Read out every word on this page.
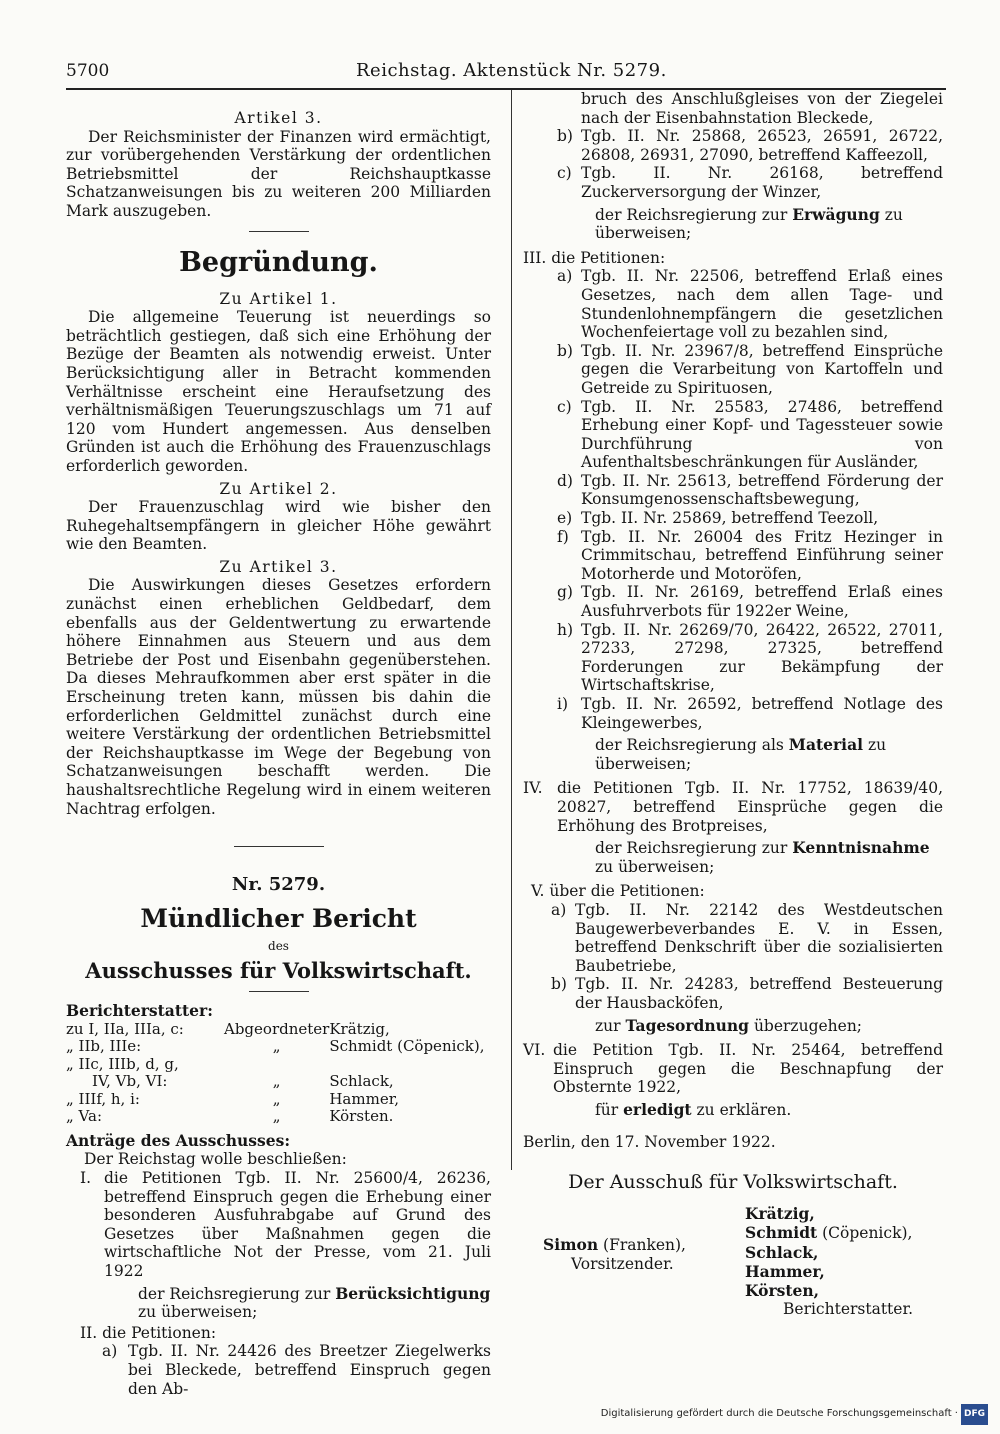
5700	Reichstag. Aktenstück Nr. 5279.
Artikel 3.

Der Reichsminister der Finanzen wird ermächtigt, zur vorübergehenden Verstärkung der ordentlichen Betriebsmittel der Reichshauptkasse Schatzanweisungen bis zu weiteren 200 Milliarden Mark auszugeben.

Begründung.
Zu Artikel 1.

Die allgemeine Teuerung ist neuerdings so beträchtlich gestiegen, daß sich eine Erhöhung der Bezüge der Beamten als notwendig erweist. Unter Berücksichtigung aller in Betracht kommenden Verhältnisse erscheint eine Heraufsetzung des verhältnismäßigen Teuerungszuschlags um 71 auf 120 vom Hundert angemessen. Aus denselben Gründen ist auch die Erhöhung des Frauenzuschlags erforderlich geworden.

Zu Artikel 2.

Der Frauenzuschlag wird wie bisher den Ruhegehaltsempfängern in gleicher Höhe gewährt wie den Beamten.

Zu Artikel 3.

Die Auswirkungen dieses Gesetzes erfordern zunächst einen erheblichen Geldbedarf, dem ebenfalls aus der Geldentwertung zu erwartende höhere Einnahmen aus Steuern und aus dem Betriebe der Post und Eisenbahn gegenüberstehen. Da dieses Mehraufkommen aber erst später in die Erscheinung treten kann, müssen bis dahin die erforderlichen Geldmittel zunächst durch eine weitere Verstärkung der ordentlichen Betriebsmittel der Reichshauptkasse im Wege der Begebung von Schatzanweisungen beschafft werden. Die haushaltsrechtliche Regelung wird in einem weiteren Nachtrag erfolgen.

Nr. 5279.
Mündlicher Bericht
des
Ausschusses für Volkswirtschaft.
Berichterstatter:
zu I, IIa, IIIa, c:	Abgeordneter	Krätzig,
„ IIb, IIIe:	„	Schmidt (Cöpenick),
„ IIc, IIIb, d, g,		
IV, Vb, VI:	„	Schlack,
„ IIIf, h, i:	„	Hammer,
„ Va:	„	Körsten.
Anträge des Ausschusses:
Der Reichstag wolle beschließen:
I. die Petitionen Tgb. II. Nr. 25600/4, 26236, betreffend Einspruch gegen die Erhebung einer besonderen Ausfuhrabgabe auf Grund des Gesetzes über Maßnahmen gegen die wirtschaftliche Not der Presse, vom 21. Juli 1922
der Reichsregierung zur Berücksichtigung zu überweisen;
II. die Petitionen:
a) Tgb. II. Nr. 24426 des Breetzer Ziegelwerks bei Bleckede, betreffend Einspruch gegen den Ab-
bruch des Anschlußgleises von der Ziegelei nach der Eisenbahnstation Bleckede,
b) Tgb. II. Nr. 25868, 26523, 26591, 26722, 26808, 26931, 27090, betreffend Kaffeezoll,
c) Tgb. II. Nr. 26168, betreffend Zuckerversorgung der Winzer,
der Reichsregierung zur Erwägung zu überweisen;
III. die Petitionen:
a) Tgb. II. Nr. 22506, betreffend Erlaß eines Gesetzes, nach dem allen Tage- und Stundenlohnempfängern die gesetzlichen Wochenfeiertage voll zu bezahlen sind,
b) Tgb. II. Nr. 23967/8, betreffend Einsprüche gegen die Verarbeitung von Kartoffeln und Getreide zu Spirituosen,
c) Tgb. II. Nr. 25583, 27486, betreffend Erhebung einer Kopf- und Tagessteuer sowie Durchführung von Aufenthaltsbeschränkungen für Ausländer,
d) Tgb. II. Nr. 25613, betreffend Förderung der Konsumgenossenschaftsbewegung,
e) Tgb. II. Nr. 25869, betreffend Teezoll,
f) Tgb. II. Nr. 26004 des Fritz Hezinger in Crimmitschau, betreffend Einführung seiner Motorherde und Motoröfen,
g) Tgb. II. Nr. 26169, betreffend Erlaß eines Ausfuhrverbots für 1922er Weine,
h) Tgb. II. Nr. 26269/70, 26422, 26522, 27011, 27233, 27298, 27325, betreffend Forderungen zur Bekämpfung der Wirtschaftskrise,
i) Tgb. II. Nr. 26592, betreffend Notlage des Kleingewerbes,
der Reichsregierung als Material zu überweisen;
IV. die Petitionen Tgb. II. Nr. 17752, 18639/40, 20827, betreffend Einsprüche gegen die Erhöhung des Brotpreises,
der Reichsregierung zur Kenntnisnahme zu überweisen;
V. über die Petitionen:
a) Tgb. II. Nr. 22142 des Westdeutschen Baugewerbeverbandes E. V. in Essen, betreffend Denkschrift über die sozialisierten Baubetriebe,
b) Tgb. II. Nr. 24283, betreffend Besteuerung der Hausbacköfen,
zur Tagesordnung überzugehen;
VI. die Petition Tgb. II. Nr. 25464, betreffend Einspruch gegen die Beschnapfung der Obsternte 1922,
für erledigt zu erklären.
Berlin, den 17. November 1922.
Der Ausschuß für Volkswirtschaft.
Simon (Franken),
Vorsitzender.
Krätzig,
Schmidt (Cöpenick),
Schlack,
Hammer,
Körsten,
Berichterstatter.
Digitalisierung gefördert durch die Deutsche Forschungsgemeinschaft · DFG
